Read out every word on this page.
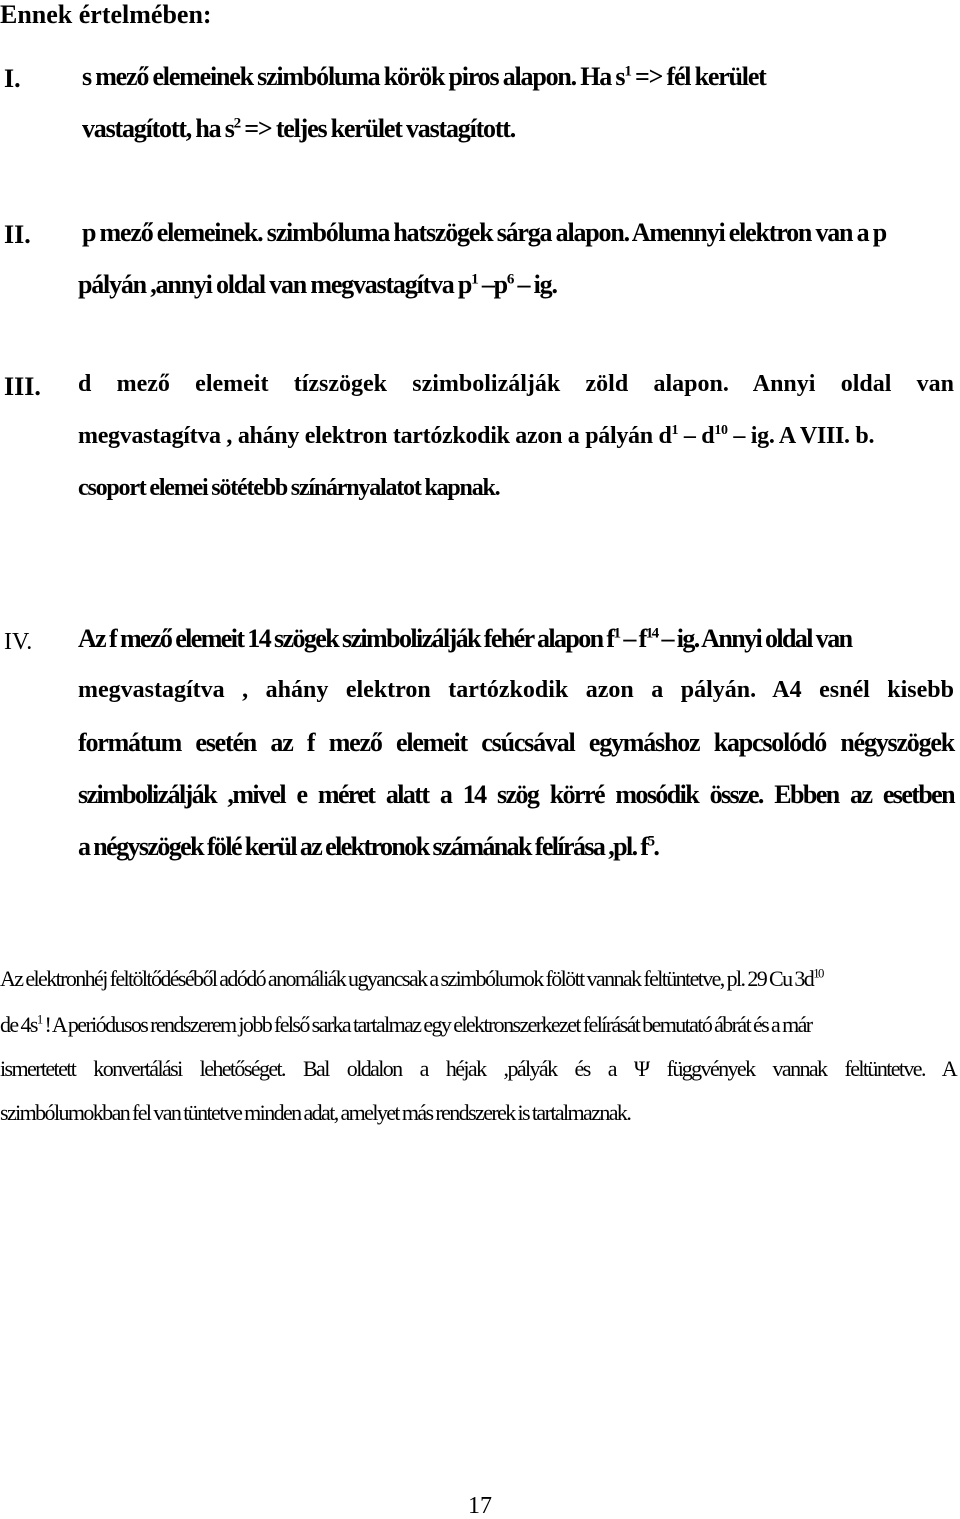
Ennek értelmében:
I. s mező elemeinek szimbóluma körök piros alapon. Ha $s^1$ => fél kerület
vastagított, ha $s^2$ => teljes kerület vastagított.
II. p mező elemeinek. szimbóluma hatszögek sárga alapon. Amennyi elektron van a p
pályán ,annyi oldal van megvastagítva $p^1$ $-p^6$ – ig.
III. d mező elemeit tízszögek szimbolizálják zöld alapon. Annyi oldal van
megvastagítva , ahány elektron tartózkodik azon a pályán $d^1 - d^{10}$ – ig. A VIII. b.
csoport elemei sötétebb színárnyalatot kapnak.
IV. Az f mező elemeit 14 szögek szimbolizálják fehér alapon $f^1 - f^{14}$ – ig. Annyi oldal van
megvastagítva , ahány elektron tartózkodik azon a pályán. A4 esnél kisebb
formátum esetén az f mező elemeit csúcsával egymáshoz kapcsolódó négyszögek
szimbolizálják ,mivel e méret alatt a 14 szög körré mosódik össze. Ebben az esetben
a négyszögek fölé kerül az elektronok számának felírása ,pl. $f^5$.
Az elektronhéj feltöltődéséből adódó anomáliák ugyancsak a szimbólumok fölött vannak feltüntetve, pl. 29 Cu $3d^{10}$
de $4s^1$ ! A periódusos rendszerem jobb felső sarka tartalmaz egy elektronszerkezet felírását bemutató ábrát és a már
ismertetett konvertálási lehetőséget. Bal oldalon a héjak ,pályák és a Ψ függvények vannak feltüntetve. A
szimbólumokban fel van tüntetve minden adat, amelyet más rendszerek is tartalmaznak.
17
